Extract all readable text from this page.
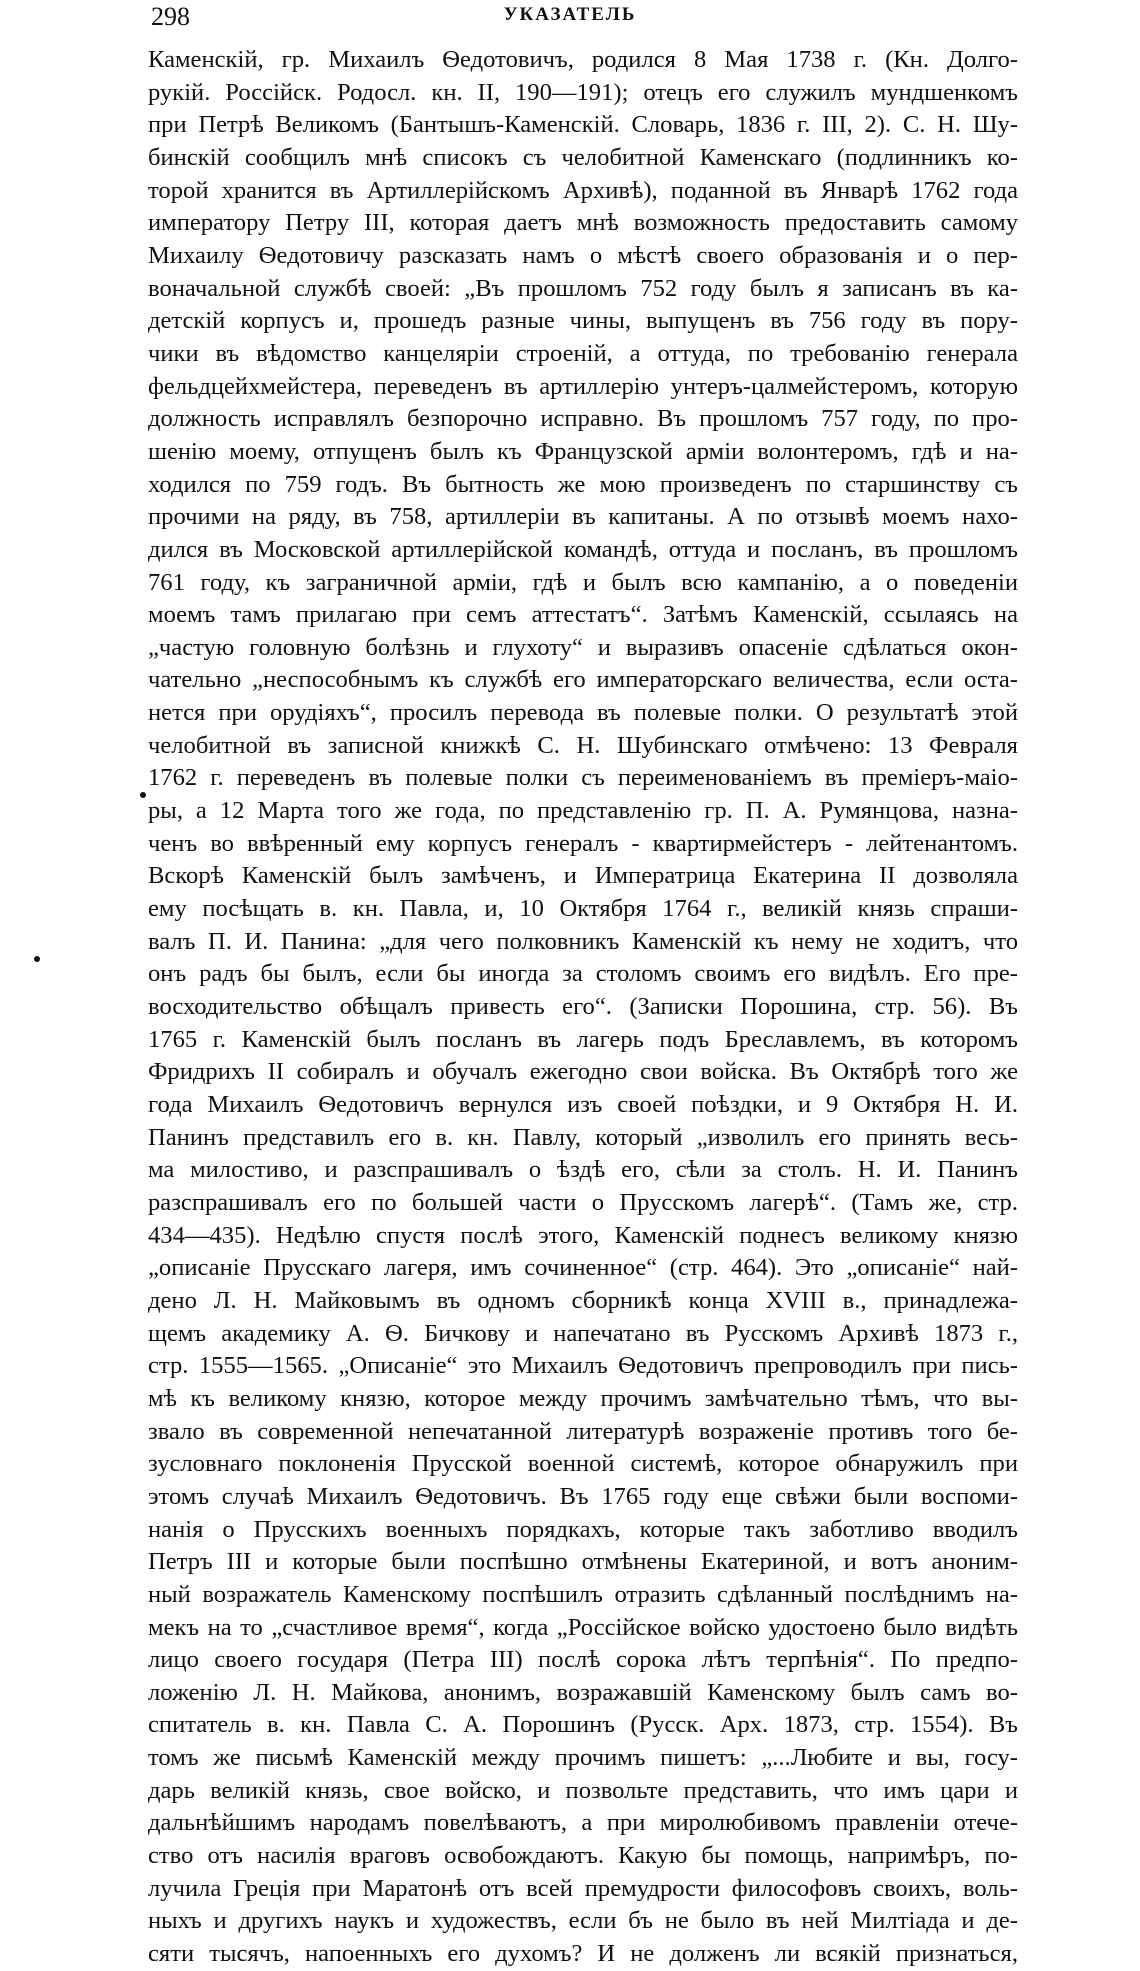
298	УКАЗАТЕЛЬ
Каменскій, гр. Михаилъ Ѳедотовичъ, родился 8 Мая 1738 г. (Кн. Долго-
рукій. Россійск. Родосл. кн. II, 190—191); отецъ его служилъ мундшенкомъ
при Петрѣ Великомъ (Бантышъ-Каменскій. Словарь, 1836 г. III, 2). С. Н. Шу-
бинскій сообщилъ мнѣ списокъ съ челобитной Каменскаго (подлинникъ ко-
торой хранится въ Артиллерійскомъ Архивѣ), поданной въ Январѣ 1762 года
императору Петру III, которая даетъ мнѣ возможность предоставить самому
Михаилу Ѳедотовичу разсказать намъ о мѣстѣ своего образованія и о пер-
воначальной службѣ своей: „Въ прошломъ 752 году былъ я записанъ въ ка-
детскій корпусъ и, прошедъ разные чины, выпущенъ въ 756 году въ пору-
чики въ вѣдомство канцеляріи строеній, а оттуда, по требованію генерала
фельдцейхмейстера, переведенъ въ артиллерію унтеръ-цалмейстеромъ, которую
должность исправлялъ безпорочно исправно. Въ прошломъ 757 году, по про-
шенію моему, отпущенъ былъ къ Французской арміи волонтеромъ, гдѣ и на-
ходился по 759 годъ. Въ бытность же мою произведенъ по старшинству съ
прочими на ряду, въ 758, артиллеріи въ капитаны. А по отзывѣ моемъ нахо-
дился въ Московской артиллерійской командѣ, оттуда и посланъ, въ прошломъ
761 году, къ заграничной арміи, гдѣ и былъ всю кампанію, а о поведеніи
моемъ тамъ прилагаю при семъ аттестатъ“. Затѣмъ Каменскій, ссылаясь на
„частую головную болѣзнь и глухоту“ и выразивъ опасеніе сдѣлаться окон-
чательно „неспособнымъ къ службѣ его императорскаго величества, если оста-
нется при орудіяхъ“, просилъ перевода въ полевые полки. О результатѣ этой
челобитной въ записной книжкѣ С. Н. Шубинскаго отмѣчено: 13 Февраля
1762 г. переведенъ въ полевые полки съ переименованіемъ въ преміеръ-маіо-
ры, а 12 Марта того же года, по представленію гр. П. А. Румянцова, назна-
ченъ во ввѣренный ему корпусъ генералъ - квартирмейстеръ - лейтенантомъ.
Вскорѣ Каменскій былъ замѣченъ, и Императрица Екатерина II дозволяла
ему посѣщать в. кн. Павла, и, 10 Октября 1764 г., великій князь спраши-
валъ П. И. Панина: „для чего полковникъ Каменскій къ нему не ходитъ, что
онъ радъ бы былъ, если бы иногда за столомъ своимъ его видѣлъ. Его пре-
восходительство обѣщалъ привесть его“. (Записки Порошина, стр. 56). Въ
1765 г. Каменскій былъ посланъ въ лагерь подъ Бреславлемъ, въ которомъ
Фридрихъ II собиралъ и обучалъ ежегодно свои войска. Въ Октябрѣ того же
года Михаилъ Ѳедотовичъ вернулся изъ своей поѣздки, и 9 Октября Н. И.
Панинъ представилъ его в. кн. Павлу, который „изволилъ его принять весь-
ма милостиво, и разспрашивалъ о ѣздѣ его, сѣли за столъ. Н. И. Панинъ
разспрашивалъ его по большей части о Прусскомъ лагерѣ“. (Тамъ же, стр.
434—435). Недѣлю спустя послѣ этого, Каменскій поднесъ великому князю
„описаніе Прусскаго лагеря, имъ сочиненное“ (стр. 464). Это „описаніе“ най-
дено Л. Н. Майковымъ въ одномъ сборникѣ конца XVIII в., принадлежа-
щемъ академику А. Ѳ. Бичкову и напечатано въ Русскомъ Архивѣ 1873 г.,
стр. 1555—1565. „Описаніе“ это Михаилъ Ѳедотовичъ препроводилъ при пись-
мѣ къ великому князю, которое между прочимъ замѣчательно тѣмъ, что вы-
звало въ современной непечатанной литературѣ возраженіе противъ того бе-
зусловнаго поклоненія Прусской военной системѣ, которое обнаружилъ при
этомъ случаѣ Михаилъ Ѳедотовичъ. Въ 1765 году еще свѣжи были воспоми-
нанія о Прусскихъ военныхъ порядкахъ, которые такъ заботливо вводилъ
Петръ III и которые были поспѣшно отмѣнены Екатериной, и вотъ аноним-
ный возражатель Каменскому поспѣшилъ отразить сдѣланный послѣднимъ на-
мекъ на то „счастливое время“, когда „Россійское войско удостоено было видѣть
лицо своего государя (Петра III) послѣ сорока лѣтъ терпѣнія“. По предпо-
ложенію Л. Н. Майкова, анонимъ, возражавшій Каменскому былъ самъ во-
спитатель в. кн. Павла С. А. Порошинъ (Русск. Арх. 1873, стр. 1554). Въ
томъ же письмѣ Каменскій между прочимъ пишетъ: „...Любите и вы, госу-
дарь великій князь, свое войско, и позвольте представить, что имъ цари и
дальнѣйшимъ народамъ повелѣваютъ, а при миролюбивомъ правленіи отече-
ство отъ насилія враговъ освобождаютъ. Какую бы помощь, напримѣръ, по-
лучила Греція при Маратонѣ отъ всей премудрости философовъ своихъ, воль-
ныхъ и другихъ наукъ и художествъ, если бъ не было въ ней Милтіада и де-
сяти тысячъ, напоенныхъ его духомъ? И не долженъ ли всякій признаться,
